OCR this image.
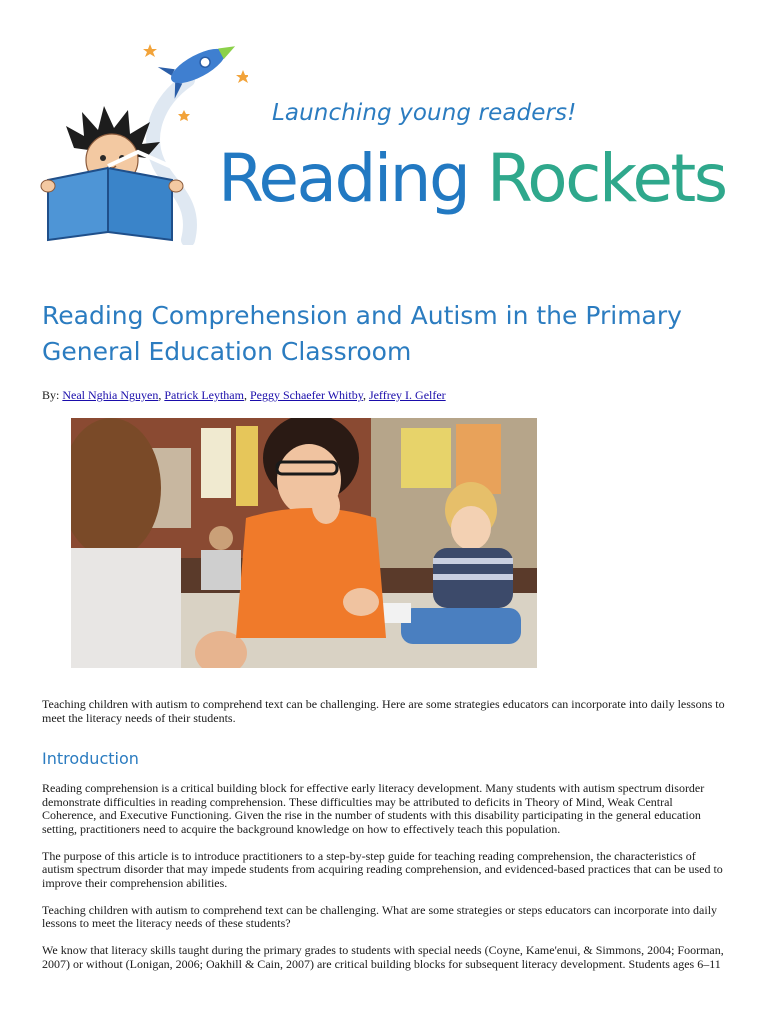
Launching young readers!

Reading Rockets
Reading Comprehension and Autism in the Primary General Education Classroom
By: Neal Nghia Nguyen, Patrick Leytham, Peggy Schaefer Whitby, Jeffrey I. Gelfer

Teaching children with autism to comprehend text can be challenging. Here are some strategies educators can incorporate into daily lessons to meet the literacy needs of their students.

Introduction

Reading comprehension is a critical building block for effective early literacy development. Many students with autism spectrum disorder demonstrate difficulties in reading comprehension. These difficulties may be attributed to deficits in Theory of Mind, Weak Central Coherence, and Executive Functioning. Given the rise in the number of students with this disability participating in the general education setting, practitioners need to acquire the background knowledge on how to effectively teach this population.

The purpose of this article is to introduce practitioners to a step-by-step guide for teaching reading comprehension, the characteristics of autism spectrum disorder that may impede students from acquiring reading comprehension, and evidenced-based practices that can be used to improve their comprehension abilities.

Teaching children with autism to comprehend text can be challenging. What are some strategies or steps educators can incorporate into daily lessons to meet the literacy needs of these students?

We know that literacy skills taught during the primary grades to students with special needs (Coyne, Kame'enui, & Simmons, 2004; Foorman, 2007) or without (Lonigan, 2006; Oakhill & Cain, 2007) are critical building blocks for subsequent literacy development. Students ages 6–11
